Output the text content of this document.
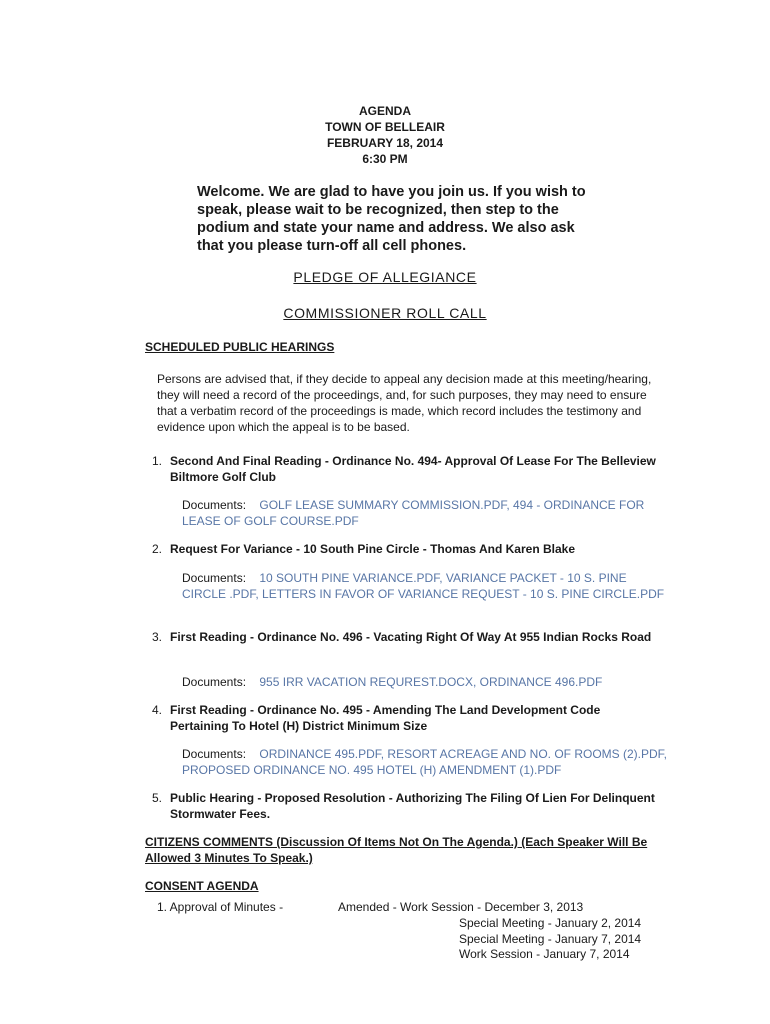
AGENDA
TOWN OF BELLEAIR
FEBRUARY 18, 2014
6:30 PM
Welcome. We are glad to have you join us. If you wish to speak, please wait to be recognized, then step to the podium and state your name and address. We also ask that you please turn-off all cell phones.
PLEDGE OF ALLEGIANCE
COMMISSIONER ROLL CALL
SCHEDULED PUBLIC HEARINGS
Persons are advised that, if they decide to appeal any decision made at this meeting/hearing, they will need a record of the proceedings, and, for such purposes, they may need to ensure that a verbatim record of the proceedings is made, which record includes the testimony and evidence upon which the appeal is to be based.
1. Second And Final Reading - Ordinance No. 494- Approval Of Lease For The Belleview Biltmore Golf Club
Documents: GOLF LEASE SUMMARY COMMISSION.PDF, 494 - ORDINANCE FOR LEASE OF GOLF COURSE.PDF
2. Request For Variance - 10 South Pine Circle - Thomas And Karen Blake
Documents: 10 SOUTH PINE VARIANCE.PDF, VARIANCE PACKET - 10 S. PINE CIRCLE .PDF, LETTERS IN FAVOR OF VARIANCE REQUEST - 10 S. PINE CIRCLE.PDF
3. First Reading - Ordinance No. 496 - Vacating Right Of Way At 955 Indian Rocks Road
Documents: 955 IRR VACATION REQUREST.DOCX, ORDINANCE 496.PDF
4. First Reading - Ordinance No. 495 - Amending The Land Development Code Pertaining To Hotel (H) District Minimum Size
Documents: ORDINANCE 495.PDF, RESORT ACREAGE AND NO. OF ROOMS (2).PDF, PROPOSED ORDINANCE NO. 495 HOTEL (H) AMENDMENT (1).PDF
5. Public Hearing - Proposed Resolution - Authorizing The Filing Of Lien For Delinquent Stormwater Fees.
CITIZENS COMMENTS (Discussion Of Items Not On The Agenda.) (Each Speaker Will Be Allowed 3 Minutes To Speak.)
CONSENT AGENDA
1. Approval of Minutes -	Amended - Work Session - December 3, 2013
Special Meeting - January 2, 2014
Special Meeting - January 7, 2014
Work Session - January 7, 2014
